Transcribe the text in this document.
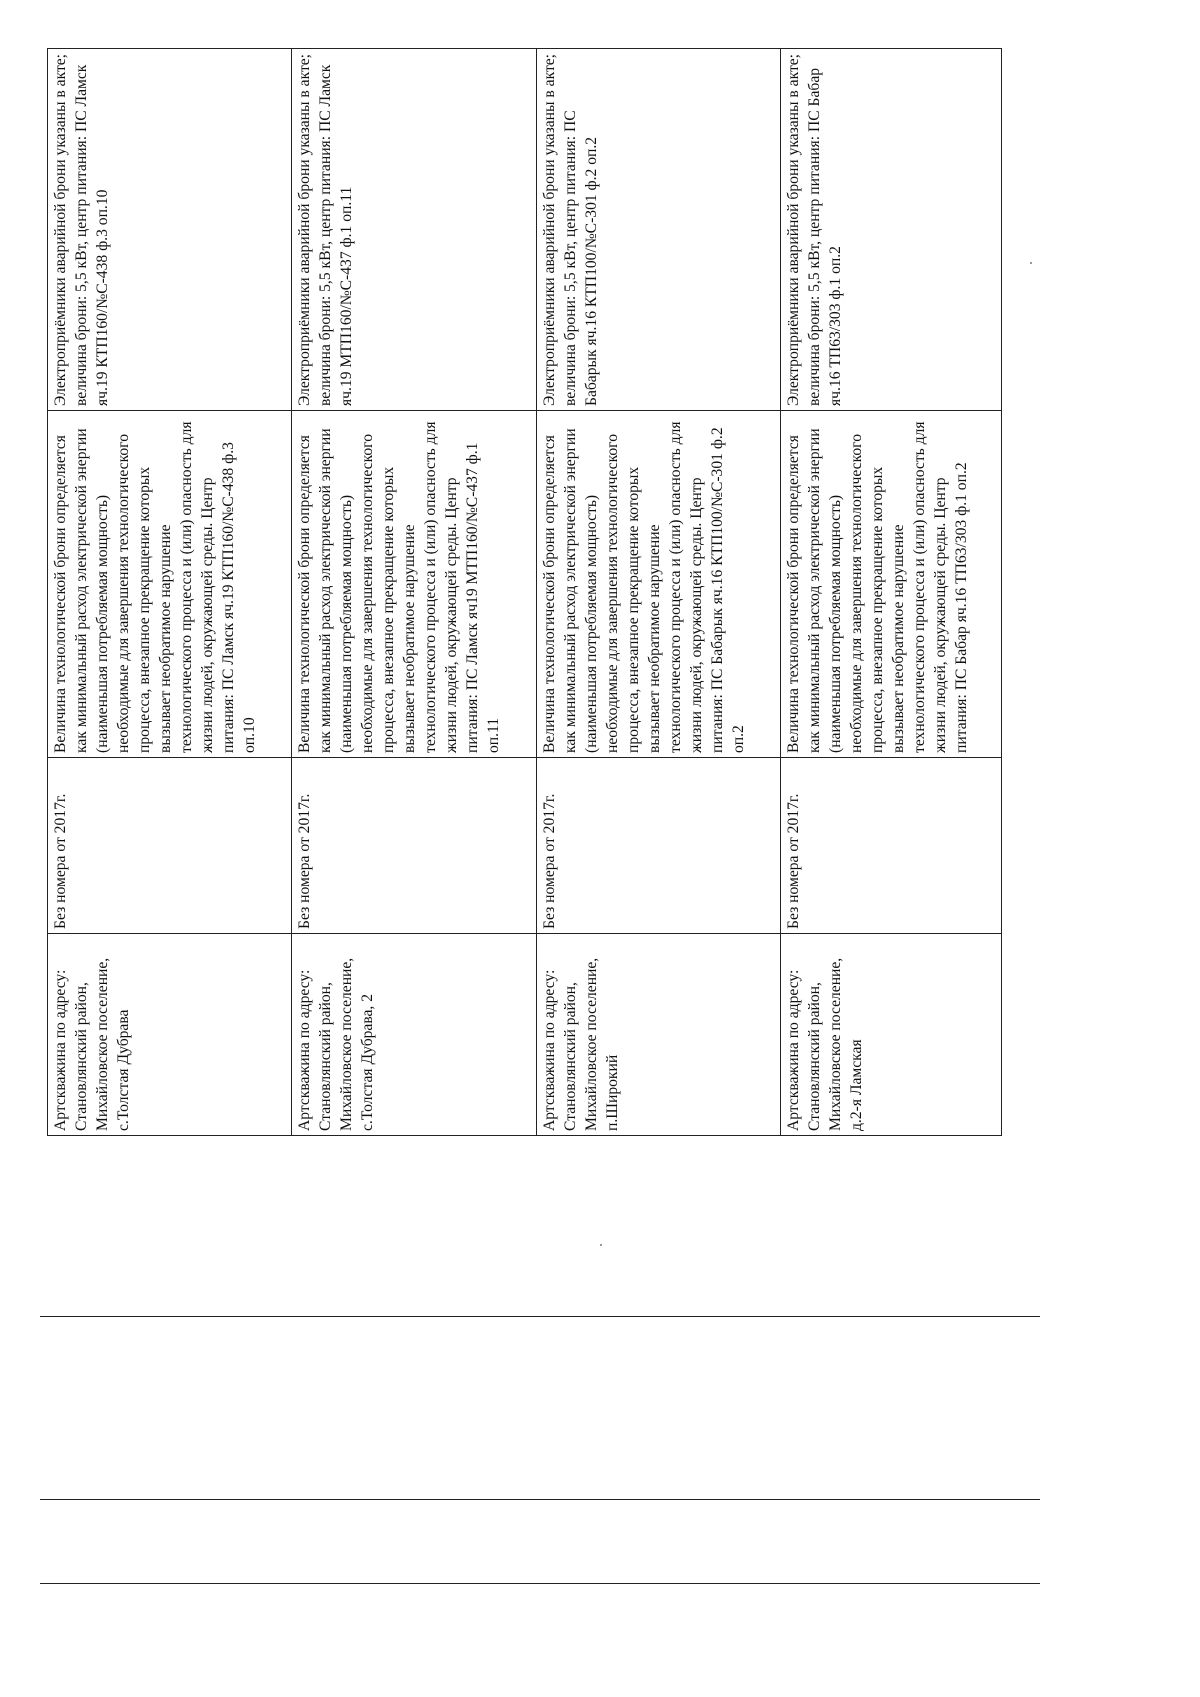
Артскважина по адресу: Становлянский район, Михайловское поселение, с.Толстая Дубрава	Без номера от 2017г.	Величина технологической брони определяется как минимальный расход электрической энергии (наименьшая потребляемая мощность) необходимые для завершения технологического процесса, внезапное прекращение которых вызывает необратимое нарушение технологического процесса и (или) опасность для жизни людей, окружающей среды. Центр питания: ПС Ламск яч.19 КТП160/№С-438 ф.3 оп.10	Электроприёмники аварийной брони указаны в акте; величина брони: 5,5 кВт, центр питания: ПС Ламск яч.19 КТП160/№С-438 ф.3 оп.10
Артскважина по адресу: Становлянский район, Михайловское поселение, с.Толстая Дубрава, 2	Без номера от 2017г.	Величина технологической брони определяется как минимальный расход электрической энергии (наименьшая потребляемая мощность) необходимые для завершения технологического процесса, внезапное прекращение которых вызывает необратимое нарушение технологического процесса и (или) опасность для жизни людей, окружающей среды. Центр питания: ПС Ламск яч19 МТП160/№С-437 ф.1 оп.11	Электроприёмники аварийной брони указаны в акте; величина брони: 5,5 кВт, центр питания: ПС Ламск яч.19 МТП160/№С-437 ф.1 оп.11
Артскважина по адресу: Становлянский район, Михайловское поселение, п.Широкий	Без номера от 2017г.	Величина технологической брони определяется как минимальный расход электрической энергии (наименьшая потребляемая мощность) необходимые для завершения технологического процесса, внезапное прекращение которых вызывает необратимое нарушение технологического процесса и (или) опасность для жизни людей, окружающей среды. Центр питания: ПС Бабарык яч.16 КТП100/№С-301 ф.2 оп.2	Электроприёмники аварийной брони указаны в акте; величина брони: 5,5 кВт, центр питания: ПС Бабарык яч.16 КТП100/№С-301 ф.2 оп.2
Артскважина по адресу: Становлянский район, Михайловское поселение, д.2-я Ламская	Без номера от 2017г.	Величина технологической брони определяется как минимальный расход электрической энергии (наименьшая потребляемая мощность) необходимые для завершения технологического процесса, внезапное прекращение которых вызывает необратимое нарушение технологического процесса и (или) опасность для жизни людей, окружающей среды. Центр питания: ПС Бабар яч.16 ТП63/303 ф.1 оп.2	Электроприёмники аварийной брони указаны в акте; величина брони: 5,5 кВт, центр питания: ПС Бабар яч.16 ТП63/303 ф.1 оп.2
